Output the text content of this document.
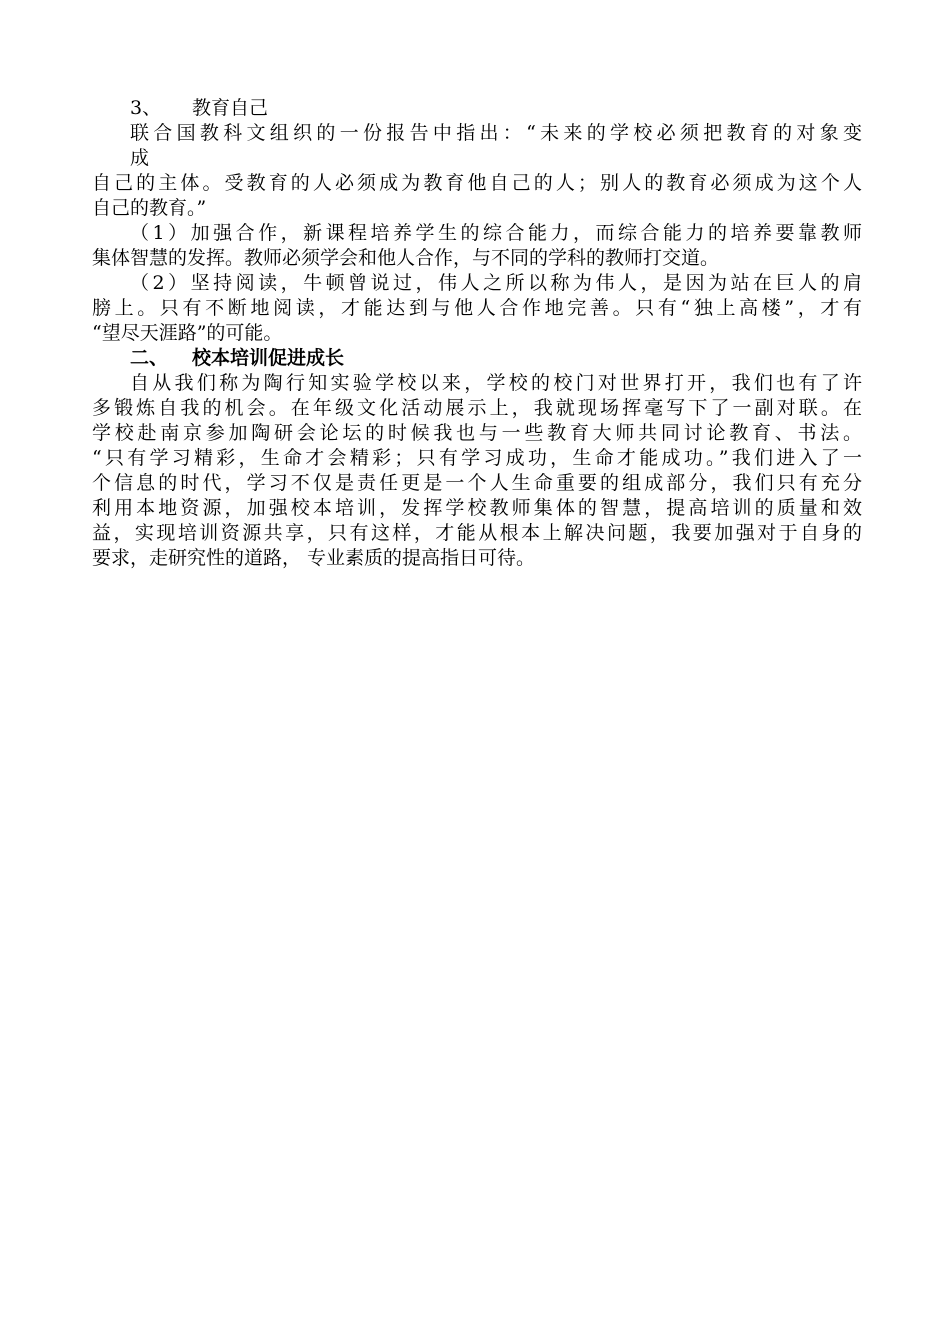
3、 教育自己
联合国教科文组织的一份报告中指出：“未来的学校必须把教育的对象变
成
自己的主体。受教育的人必须成为教育他自己的人；别人的教育必须成为这个人
自己的教育。”
（1）加强合作，新课程培养学生的综合能力，而综合能力的培养要靠教师
集体智慧的发挥。教师必须学会和他人合作，与不同的学科的教师打交道。
（2）坚持阅读，牛顿曾说过，伟人之所以称为伟人，是因为站在巨人的肩
膀上。只有不断地阅读，才能达到与他人合作地完善。只有“独上高楼”，才有
“望尽天涯路”的可能。
二、 校本培训促进成长
自从我们称为陶行知实验学校以来，学校的校门对世界打开，我们也有了许
多锻炼自我的机会。在年级文化活动展示上，我就现场挥毫写下了一副对联。在
学校赴南京参加陶研会论坛的时候我也与一些教育大师共同讨论教育、书法。
“只有学习精彩，生命才会精彩；只有学习成功，生命才能成功。”我们进入了一
个信息的时代，学习不仅是责任更是一个人生命重要的组成部分，我们只有充分
利用本地资源，加强校本培训，发挥学校教师集体的智慧，提高培训的质量和效
益，实现培训资源共享，只有这样，才能从根本上解决问题，我要加强对于自身的
要求，走研究性的道路， 专业素质的提高指日可待。
